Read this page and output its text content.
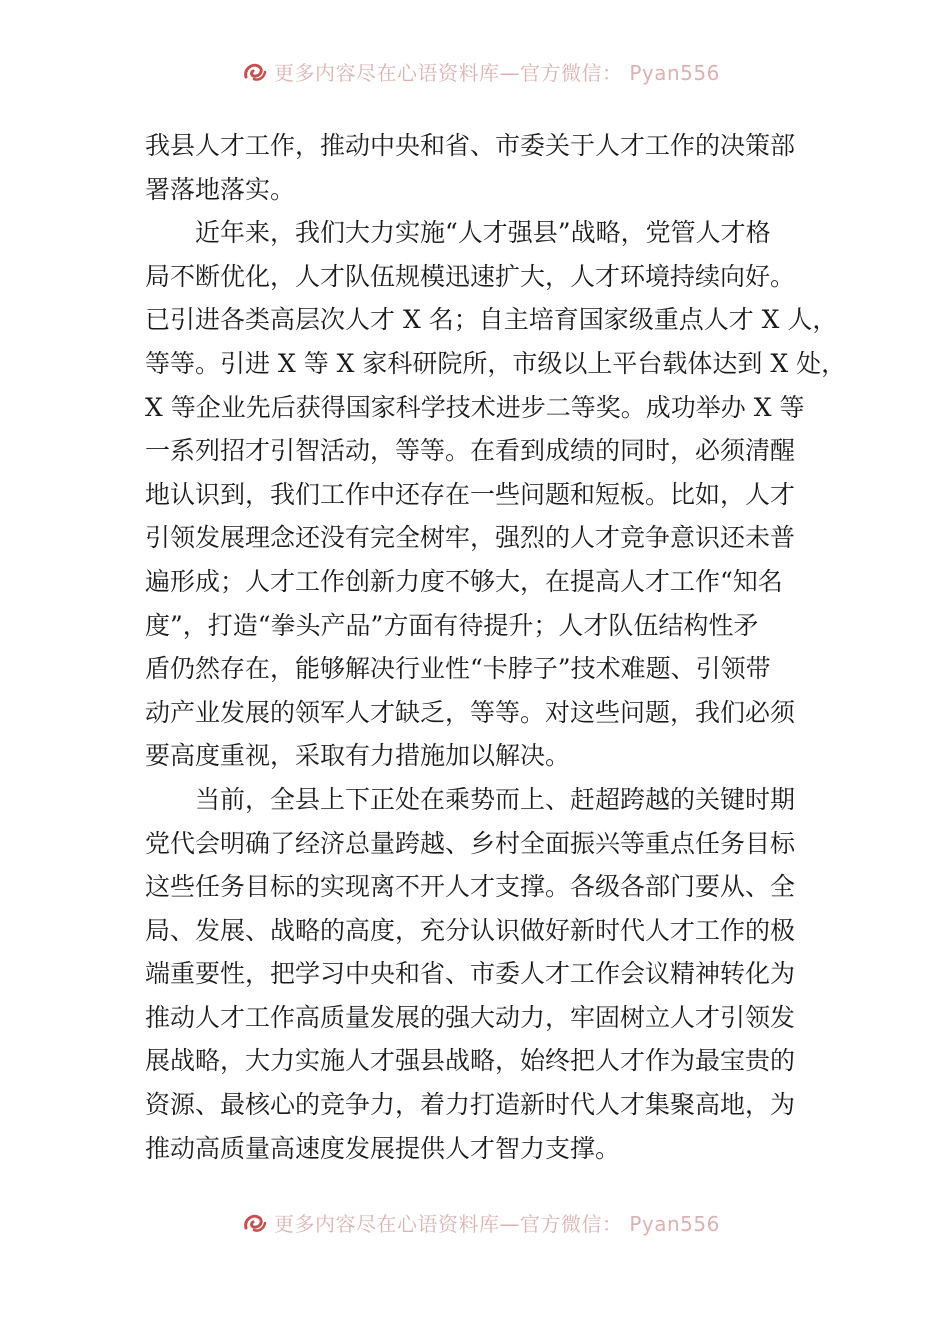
更多内容尽在心语资料库—官方微信： Pyan556
我县人才工作，推动中央和省、市委关于人才工作的决策部
署落地落实。
近年来，我们大力实施“人才强县”战略，党管人才格
局不断优化，人才队伍规模迅速扩大，人才环境持续向好。
已引进各类高层次人才 X 名；自主培育国家级重点人才 X 人，
等等。引进 X 等 X 家科研院所，市级以上平台载体达到 X 处，
X 等企业先后获得国家科学技术进步二等奖。成功举办 X 等
一系列招才引智活动，等等。在看到成绩的同时，必须清醒
地认识到，我们工作中还存在一些问题和短板。比如，人才
引领发展理念还没有完全树牢，强烈的人才竞争意识还未普
遍形成；人才工作创新力度不够大，在提高人才工作“知名
度”，打造“拳头产品”方面有待提升；人才队伍结构性矛
盾仍然存在，能够解决行业性“卡脖子”技术难题、引领带
动产业发展的领军人才缺乏，等等。对这些问题，我们必须
要高度重视，采取有力措施加以解决。
当前，全县上下正处在乘势而上、赶超跨越的关键时期
党代会明确了经济总量跨越、乡村全面振兴等重点任务目标
这些任务目标的实现离不开人才支撑。各级各部门要从、全
局、发展、战略的高度，充分认识做好新时代人才工作的极
端重要性，把学习中央和省、市委人才工作会议精神转化为
推动人才工作高质量发展的强大动力，牢固树立人才引领发
展战略，大力实施人才强县战略，始终把人才作为最宝贵的
资源、最核心的竞争力，着力打造新时代人才集聚高地，为
推动高质量高速度发展提供人才智力支撑。
更多内容尽在心语资料库—官方微信： Pyan556
